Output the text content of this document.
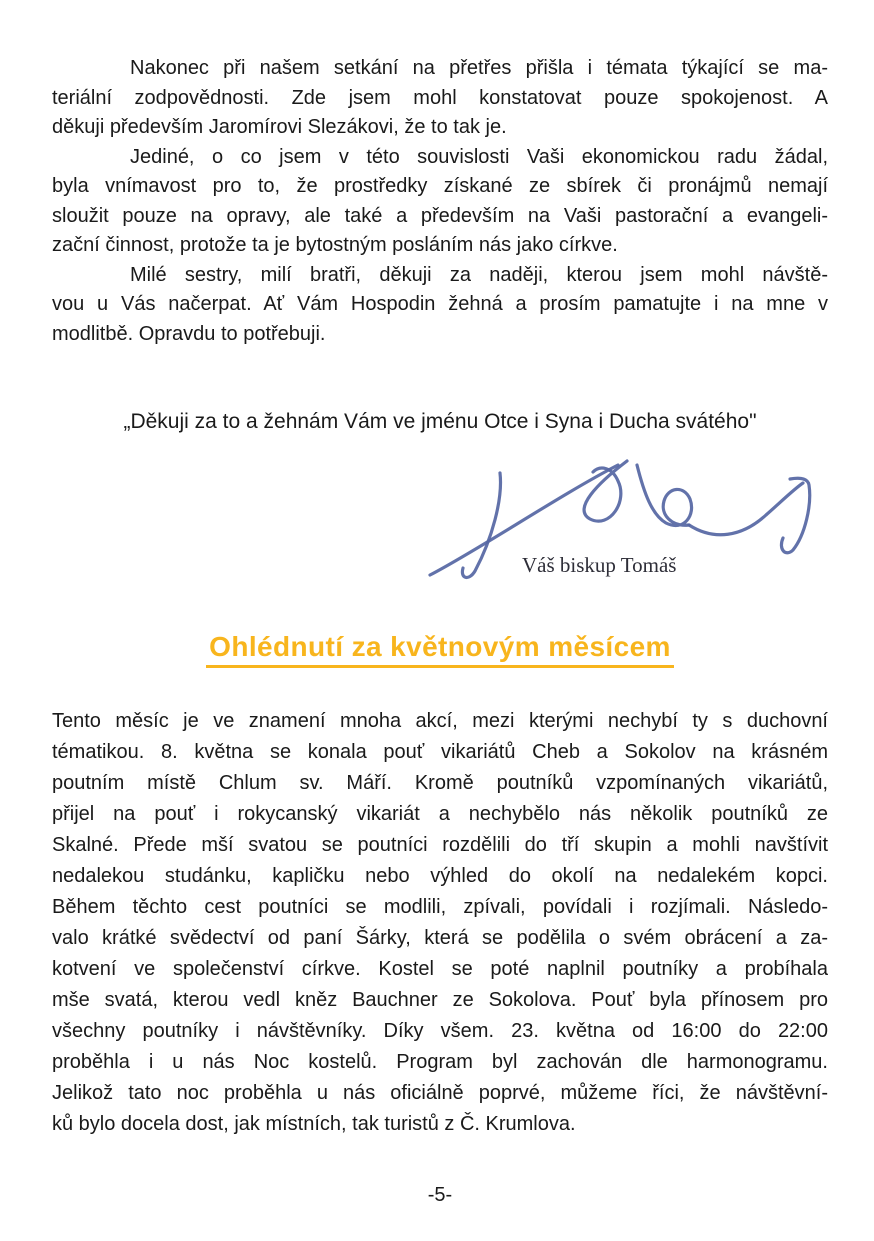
Nakonec při našem setkání na přetřes přišla i témata týkající se ma-
teriální zodpovědnosti. Zde jsem mohl konstatovat pouze spokojenost. A
děkuji především Jaromírovi Slezákovi, že to tak je.

Jediné, o co jsem v této souvislosti Vaši ekonomickou radu žádal,
byla vnímavost pro to, že prostředky získané ze sbírek či pronájmů nemají
sloužit pouze na opravy, ale také a především na Vaši pastorační a evangeli-
zační činnost, protože ta je bytostným posláním nás jako církve.

Milé sestry, milí bratři, děkuji za naději, kterou jsem mohl návště-
vou u Vás načerpat. Ať Vám Hospodin žehná a prosím pamatujte i na mne v
modlitbě. Opravdu to potřebuji.

„Děkuji za to a žehnám Vám ve jménu Otce i Syna i Ducha svátého"

Váš biskup Tomáš
Ohlédnutí za květnovým měsícem

Tento měsíc je ve znamení mnoha akcí, mezi kterými nechybí ty s duchovní
tématikou. 8. května se konala pouť vikariátů Cheb a Sokolov na krásném
poutním místě Chlum sv. Máří. Kromě poutníků vzpomínaných vikariátů,
přijel na pouť i rokycanský vikariát a nechybělo nás několik poutníků ze
Skalné. Přede mší svatou se poutníci rozdělili do tří skupin a mohli navštívit
nedalekou studánku, kapličku nebo výhled do okolí na nedalekém kopci.
Během těchto cest poutníci se modlili, zpívali, povídali i rozjímali. Následo-
valo krátké svědectví od paní Šárky, která se podělila o svém obrácení a za-
kotvení ve společenství církve. Kostel se poté naplnil poutníky a probíhala
mše svatá, kterou vedl kněz Bauchner ze Sokolova. Pouť byla přínosem pro
všechny poutníky i návštěvníky. Díky všem. 23. května od 16:00 do 22:00
proběhla i u nás Noc kostelů. Program byl zachován dle harmonogramu.
Jelikož tato noc proběhla u nás oficiálně poprvé, můžeme říci, že návštěvní-
ků bylo docela dost, jak místních, tak turistů z Č. Krumlova.

-5-
